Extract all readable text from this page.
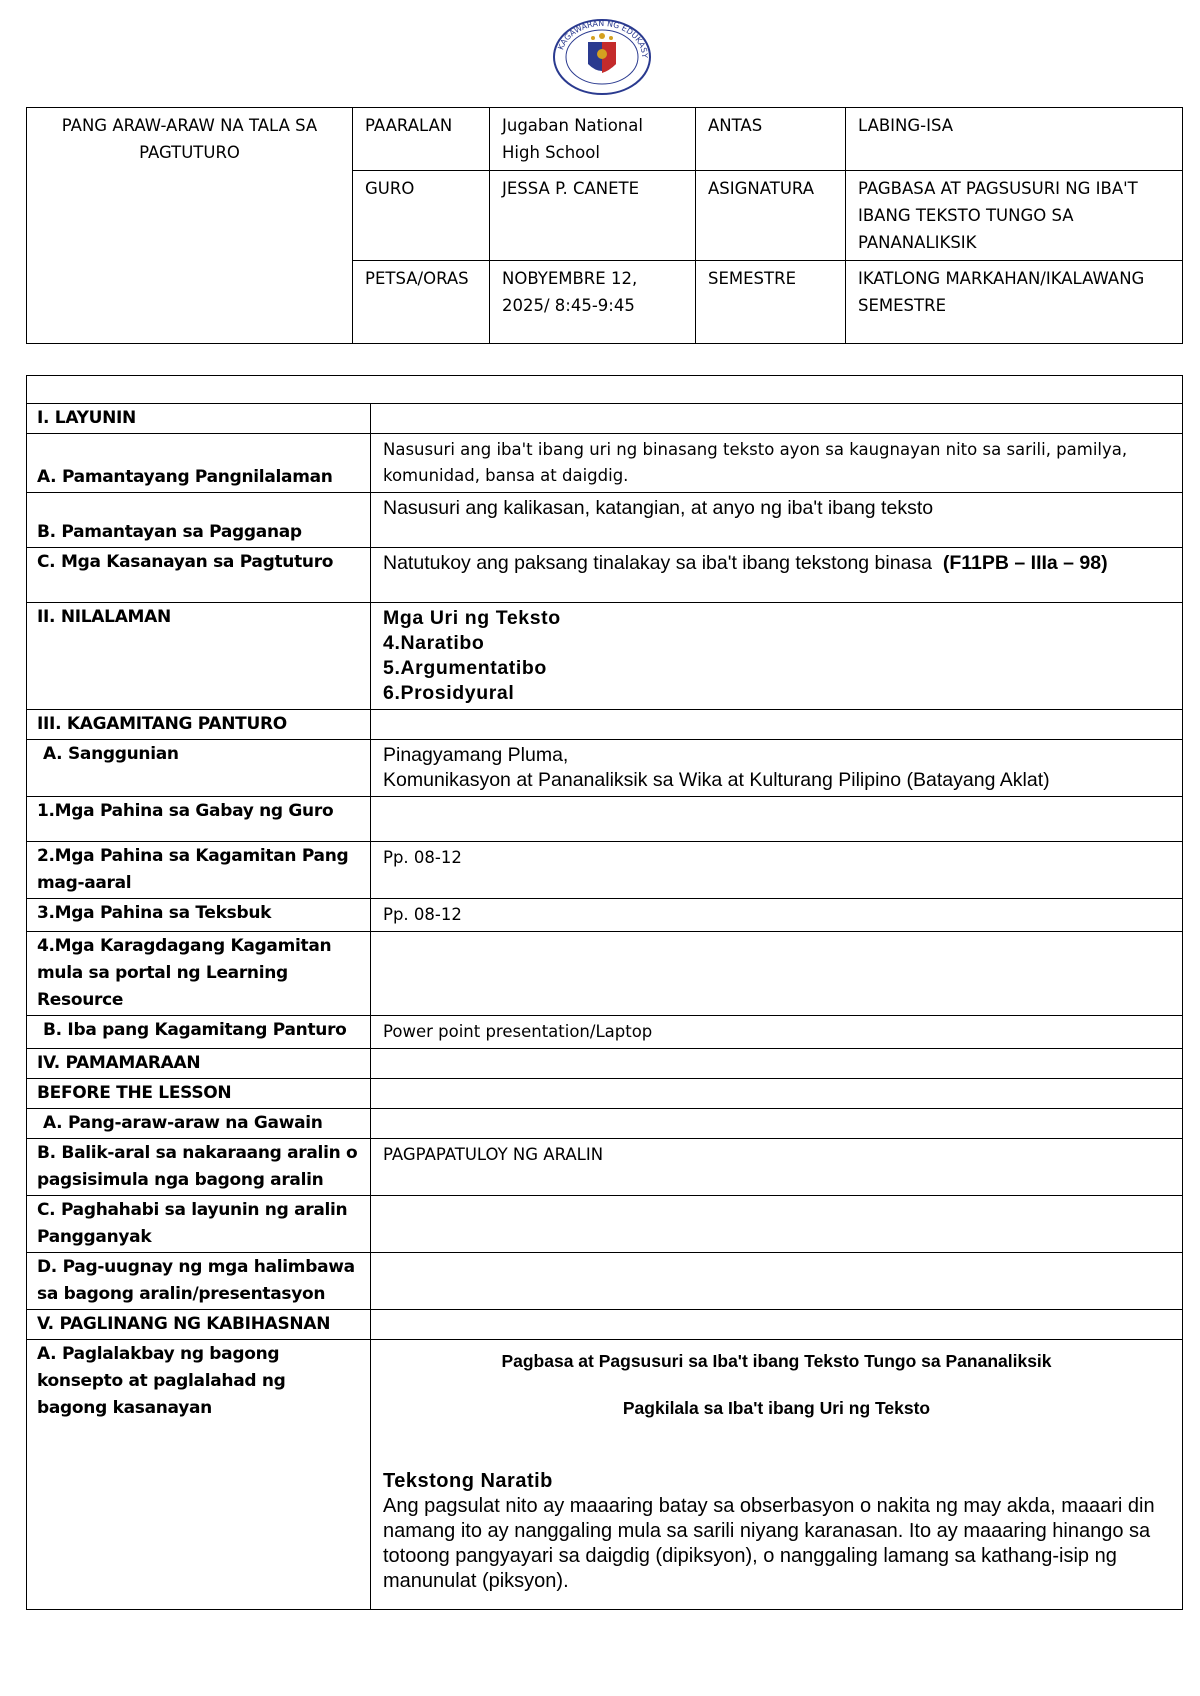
KAGAWARAN NG EDUKASY
PANG ARAW-ARAW NA TALA SA PAGTUTURO	PAARALAN	Jugaban National High School	ANTAS	LABING-ISA
	GURO	JESSA P. CANETE	ASIGNATURA	PAGBASA AT PAGSUSURI NG IBA'T IBANG TEKSTO TUNGO SA PANANALIKSIK
	PETSA/ORAS	NOBYEMBRE 12, 2025/ 8:45-9:45	SEMESTRE	IKATLONG MARKAHAN/IKALAWANG SEMESTRE

I. LAYUNIN	
A. Pamantayang Pangnilalaman	Nasusuri ang iba't ibang uri ng binasang teksto ayon sa kaugnayan nito sa sarili, pamilya, komunidad, bansa at daigdig.
B. Pamantayan sa Pagganap	Nasusuri ang kalikasan, katangian, at anyo ng iba't ibang teksto
C. Mga Kasanayan sa Pagtuturo	Natutukoy ang paksang tinalakay sa iba't ibang tekstong binasa (F11PB – IIIa – 98)
II. NILALAMAN	Mga Uri ng Teksto
4.Naratibo
5.Argumentatibo
6.Prosidyural

III. KAGAMITANG PANTURO	
A. Sanggunian	Pinagyamang Pluma,
Komunikasyon at Pananaliksik sa Wika at Kulturang Pilipino (Batayang Aklat)

1.Mga Pahina sa Gabay ng Guro	
2.Mga Pahina sa Kagamitan Pang mag-aaral	Pp. 08-12
3.Mga Pahina sa Teksbuk	Pp. 08-12
4.Mga Karagdagang Kagamitan mula sa portal ng Learning Resource	
B. Iba pang Kagamitang Panturo	Power point presentation/Laptop
IV. PAMAMARAAN	
BEFORE THE LESSON	
A. Pang-araw-araw na Gawain	
B. Balik-aral sa nakaraang aralin o pagsisimula nga bagong aralin	PAGPAPATULOY NG ARALIN
C. Paghahabi sa layunin ng aralin Pangganyak	
D. Pag-uugnay ng mga halimbawa sa bagong aralin/presentasyon	
V. PAGLINANG NG KABIHASNAN	
A. Paglalakbay ng bagong konsepto at paglalahad ng bagong kasanayan	Pagbasa at Pagsusuri sa Iba't ibang Teksto Tungo sa Pananaliksik
Pagkilala sa Iba't ibang Uri ng Teksto
Tekstong Naratib
Ang pagsulat nito ay maaaring batay sa obserbasyon o nakita ng may akda, maaari din namang ito ay nanggaling mula sa sarili niyang karanasan. Ito ay maaaring hinango sa totoong pangyayari sa daigdig (dipiksyon), o nanggaling lamang sa kathang-isip ng manunulat (piksyon).
